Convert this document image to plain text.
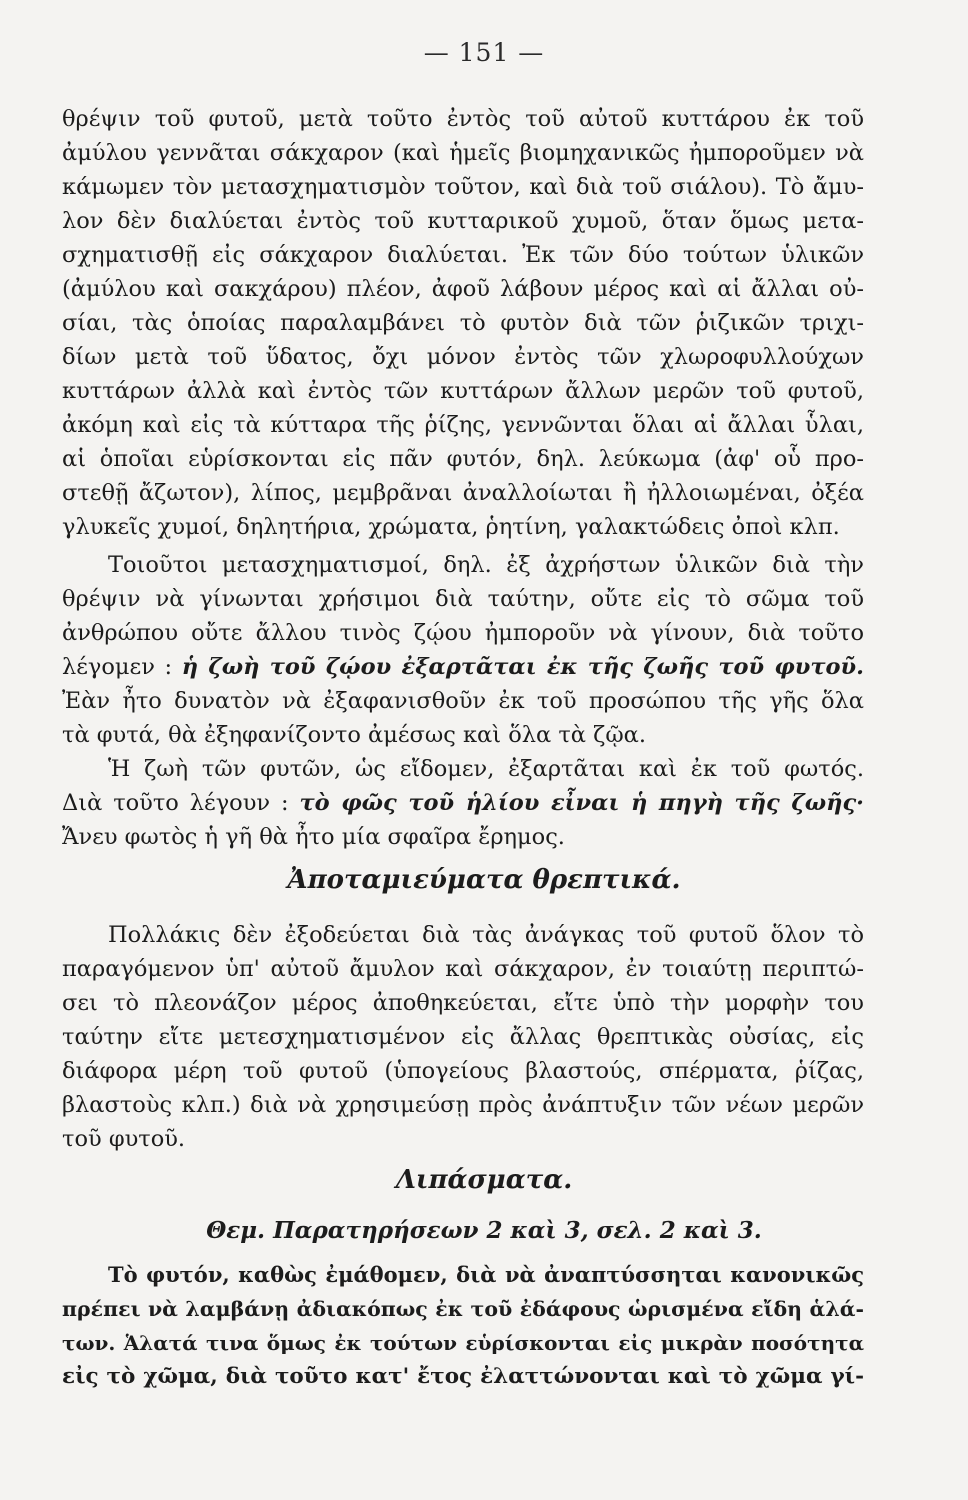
— 151 —
θρέψιν τοῦ φυτοῦ, μετὰ τοῦτο ἐντὸς τοῦ αὐτοῦ κυττάρου ἐκ τοῦ
ἀμύλου γεννᾶται σάκχαρον (καὶ ἡμεῖς βιομηχανικῶς ἠμποροῦμεν νὰ
κάμωμεν τὸν μετασχηματισμὸν τοῦτον, καὶ διὰ τοῦ σιάλου). Τὸ ἄμυ-
λον δὲν διαλύεται ἐντὸς τοῦ κυτταρικοῦ χυμοῦ, ὅταν ὅμως μετα-
σχηματισθῇ εἰς σάκχαρον διαλύεται. Ἐκ τῶν δύο τούτων ὑλικῶν
(ἀμύλου καὶ σακχάρου) πλέον, ἀφοῦ λάβουν μέρος καὶ αἱ ἄλλαι οὐ-
σίαι, τὰς ὁποίας παραλαμβάνει τὸ φυτὸν διὰ τῶν ῥιζικῶν τριχι-
δίων μετὰ τοῦ ὕδατος, ὄχι μόνον ἐντὸς τῶν χλωροφυλλούχων
κυττάρων ἀλλὰ καὶ ἐντὸς τῶν κυττάρων ἄλλων μερῶν τοῦ φυτοῦ,
ἀκόμη καὶ εἰς τὰ κύτταρα τῆς ῥίζης, γεννῶνται ὅλαι αἱ ἄλλαι ὗλαι,
αἱ ὁποῖαι εὑρίσκονται εἰς πᾶν φυτόν, δηλ. λεύκωμα (ἀφ' οὗ προ-
στεθῇ ἄζωτον), λίπος, μεμβρᾶναι ἀναλλοίωται ἢ ἠλλοιωμέναι, ὀξέα
γλυκεῖς χυμοί, δηλητήρια, χρώματα, ῥητίνη, γαλακτώδεις ὀποὶ κλπ.
Τοιοῦτοι μετασχηματισμοί, δηλ. ἐξ ἀχρήστων ὑλικῶν διὰ τὴν
θρέψιν νὰ γίνωνται χρήσιμοι διὰ ταύτην, οὔτε εἰς τὸ σῶμα τοῦ
ἀνθρώπου οὔτε ἄλλου τινὸς ζῴου ἠμποροῦν νὰ γίνουν, διὰ τοῦτο
λέγομεν : ἡ ζωὴ τοῦ ζῴου ἐξαρτᾶται ἐκ τῆς ζωῆς τοῦ φυτοῦ.
Ἐὰν ἦτο δυνατὸν νὰ ἐξαφανισθοῦν ἐκ τοῦ προσώπου τῆς γῆς ὅλα
τὰ φυτά, θὰ ἐξηφανίζοντο ἀμέσως καὶ ὅλα τὰ ζῷα.
Ἡ ζωὴ τῶν φυτῶν, ὡς εἴδομεν, ἐξαρτᾶται καὶ ἐκ τοῦ φωτός.
Διὰ τοῦτο λέγουν : τὸ φῶς τοῦ ἡλίου εἶναι ἡ πηγὴ τῆς ζωῆς·
Ἄνευ φωτὸς ἡ γῆ θὰ ἦτο μία σφαῖρα ἔρημος.
Ἀποταμιεύματα θρεπτικά.
Πολλάκις δὲν ἐξοδεύεται διὰ τὰς ἀνάγκας τοῦ φυτοῦ ὅλον τὸ
παραγόμενον ὑπ' αὐτοῦ ἄμυλον καὶ σάκχαρον, ἐν τοιαύτῃ περιπτώ-
σει τὸ πλεονάζον μέρος ἀποθηκεύεται, εἴτε ὑπὸ τὴν μορφὴν του
ταύτην εἴτε μετεσχηματισμένον εἰς ἄλλας θρεπτικὰς οὐσίας, εἰς
διάφορα μέρη τοῦ φυτοῦ (ὑπογείους βλαστούς, σπέρματα, ῥίζας,
βλαστοὺς κλπ.) διὰ νὰ χρησιμεύσῃ πρὸς ἀνάπτυξιν τῶν νέων μερῶν
τοῦ φυτοῦ.
Λιπάσματα.
Θεμ. Παρατηρήσεων 2 καὶ 3, σελ. 2 καὶ 3.
Τὸ φυτόν, καθὼς ἐμάθομεν, διὰ νὰ ἀναπτύσσηται κανονικῶς
πρέπει νὰ λαμβάνῃ ἀδιακόπως ἐκ τοῦ ἐδάφους ὡρισμένα εἴδη ἁλά-
των. Ἁλατά τινα ὅμως ἐκ τούτων εὑρίσκονται εἰς μικρὰν ποσότητα
εἰς τὸ χῶμα, διὰ τοῦτο κατ' ἔτος ἐλαττώνονται καὶ τὸ χῶμα γί-
